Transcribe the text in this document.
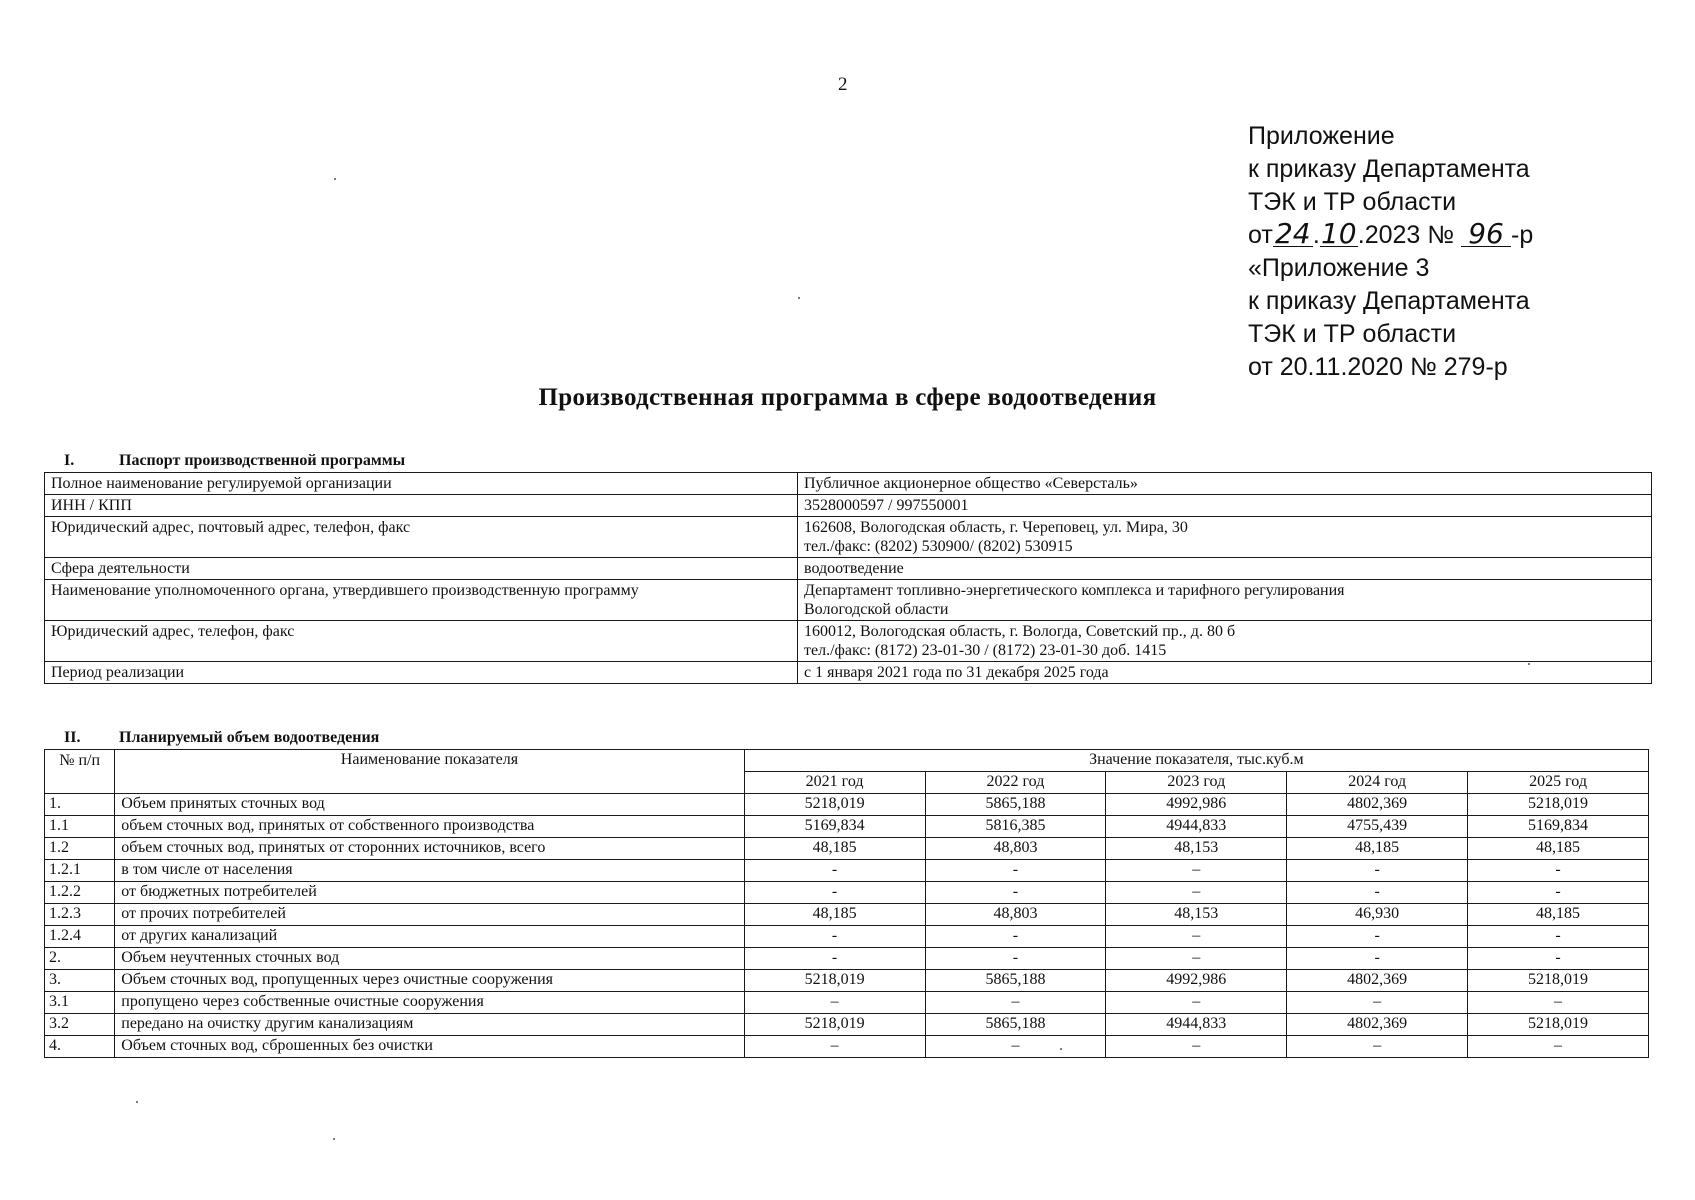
2
Приложение
к приказу Департамента
ТЭК и ТР области
от24.10.2023 № 96 -р
«Приложение 3
к приказу Департамента
ТЭК и ТР области
от 20.11.2020 № 279-р
Производственная программа в сфере водоотведения
I.	Паспорт производственной программы
Полное наименование регулируемой организации	Публичное акционерное общество «Северсталь»

ИНН / КПП	3528000597 / 997550001

Юридический адрес, почтовый адрес, телефон, факс	162608, Вологодская область, г. Череповец, ул. Мира, 30
тел./факс: (8202) 530900/ (8202) 530915

Сфера деятельности	водоотведение

Наименование уполномоченного органа, утвердившего производственную программу	Департамент топливно-энергетического комплекса и тарифного регулирования
Вологодской области

Юридический адрес, телефон, факс	160012, Вологодская область, г. Вологда, Советский пр., д. 80 б
тел./факс: (8172) 23-01-30 / (8172) 23-01-30 доб. 1415

Период реализации	с 1 января 2021 года по 31 декабря 2025 года
II. Планируемый объем водоотведения
№ п/п	Наименование показателя	Значение показателя, тыс.куб.м				
		2021 год	2022 год	2023 год	2024 год	2025 год
1.	Объем принятых сточных вод	5218,019	5865,188	4992,986	4802,369	5218,019
1.1	объем сточных вод, принятых от собственного производства	5169,834	5816,385	4944,833	4755,439	5169,834
1.2	объем сточных вод, принятых от сторонних источников, всего	48,185	48,803	48,153	48,185	48,185
1.2.1	в том числе от населения	-	-	–	-	-
1.2.2	от бюджетных потребителей	-	-	–	-	-
1.2.3	от прочих потребителей	48,185	48,803	48,153	46,930	48,185
1.2.4	от других канализаций	-	-	–	-	-
2.	Объем неучтенных сточных вод	-	-	–	-	-
3.	Объем сточных вод, пропущенных через очистные сооружения	5218,019	5865,188	4992,986	4802,369	5218,019
3.1	пропущено через собственные очистные сооружения	–	–	–	–	–
3.2	передано на очистку другим канализациям	5218,019	5865,188	4944,833	4802,369	5218,019
4.	Объем сточных вод, сброшенных без очистки	–	–	–	–	–
